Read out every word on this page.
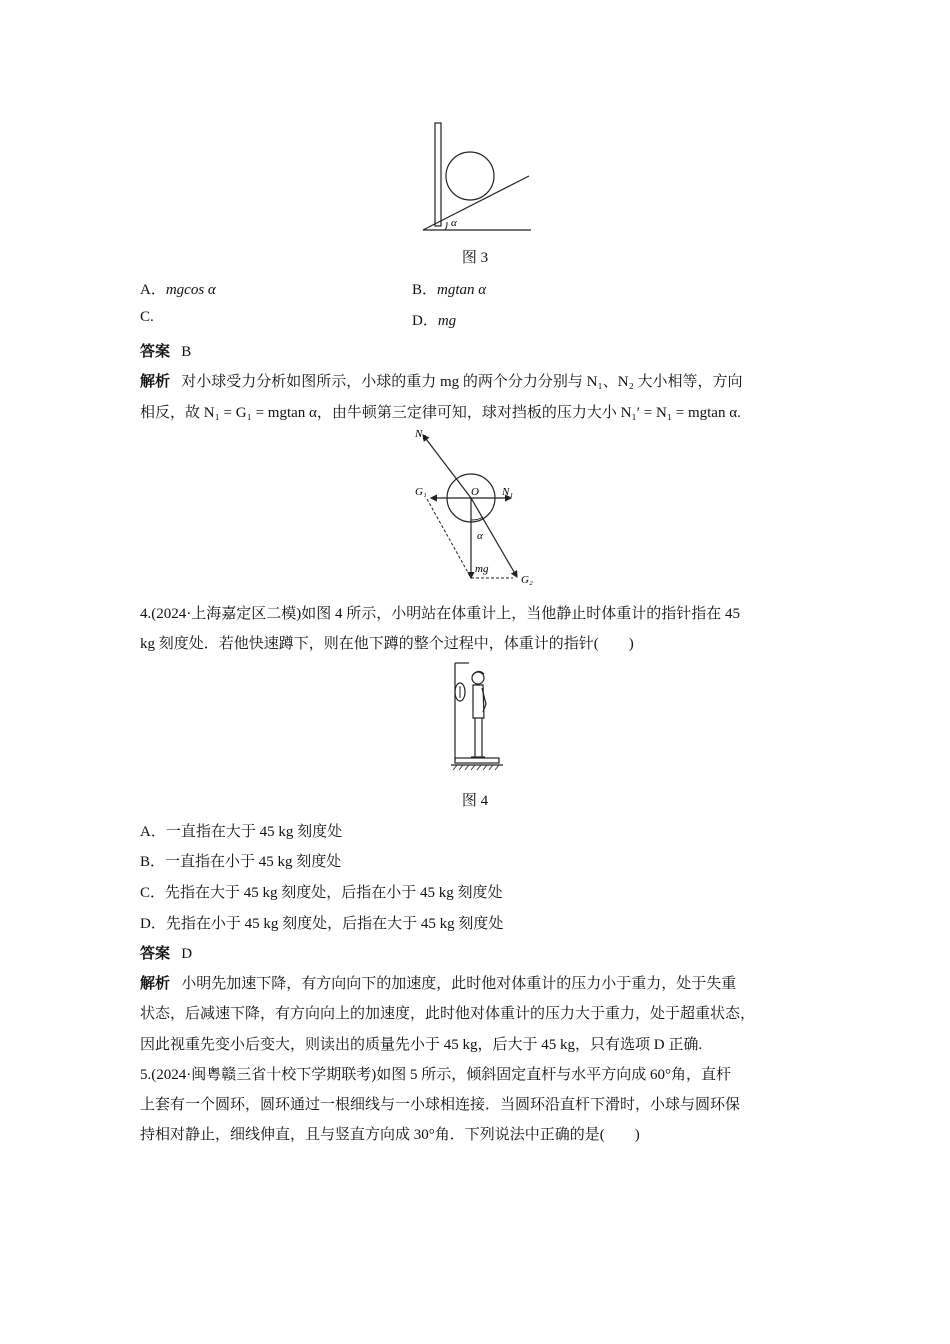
α
图 3
A．mgcos α	B．mgtan α
C.	D．mg
答案 B
解析 对小球受力分析如图所示，小球的重力 mg 的两个分力分别与 N₁、N₂ 大小相等，方向
相反，故 N₁ = G₁ = mgtan α，由牛顿第三定律可知，球对挡板的压力大小 N₁′ = N₁ = mgtan α.
N₂
G₁	O N₁
α
mg
G₂
4.(2024·上海嘉定区二模)如图 4 所示，小明站在体重计上，当他静止时体重计的指针指在 45
kg 刻度处．若他快速蹲下，则在他下蹲的整个过程中，体重计的指针(　　)
图 4
A．一直指在大于 45 kg 刻度处
B．一直指在小于 45 kg 刻度处
C．先指在大于 45 kg 刻度处，后指在小于 45 kg 刻度处
D．先指在小于 45 kg 刻度处，后指在大于 45 kg 刻度处
答案 D
解析 小明先加速下降，有方向向下的加速度，此时他对体重计的压力小于重力，处于失重
状态，后减速下降，有方向向上的加速度，此时他对体重计的压力大于重力，处于超重状态，
因此视重先变小后变大，则读出的质量先小于 45 kg，后大于 45 kg，只有选项 D 正确.
5.(2024·闽粤赣三省十校下学期联考)如图 5 所示，倾斜固定直杆与水平方向成 60°角，直杆
上套有一个圆环，圆环通过一根细线与一小球相连接．当圆环沿直杆下滑时，小球与圆环保
持相对静止，细线伸直，且与竖直方向成 30°角．下列说法中正确的是(　　)
